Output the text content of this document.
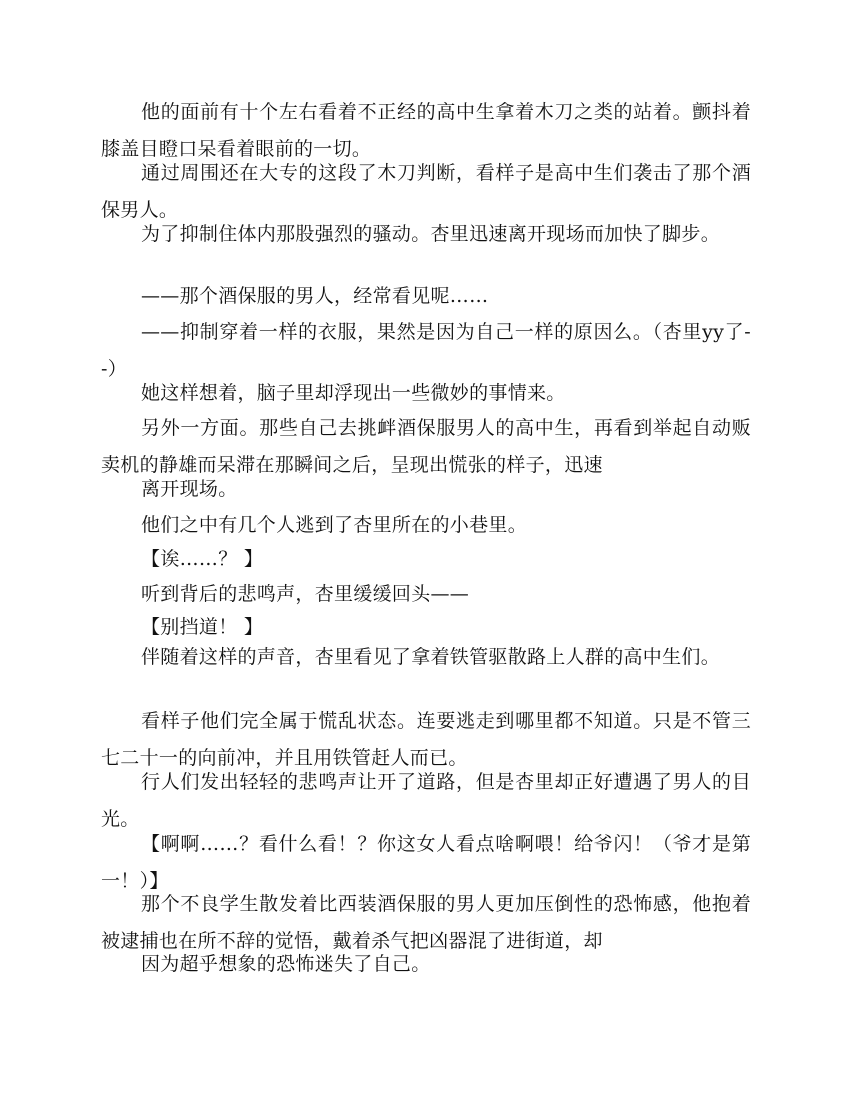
他的面前有十个左右看着不正经的高中生拿着木刀之类的站着。颤抖着膝盖目瞪口呆看着眼前的一切。

通过周围还在大专的这段了木刀判断，看样子是高中生们袭击了那个酒保男人。

为了抑制住体内那股强烈的骚动。杏里迅速离开现场而加快了脚步。

——那个酒保服的男人，经常看见呢……

——抑制穿着一样的衣服，果然是因为自己一样的原因么。（杏里yy了--）

她这样想着，脑子里却浮现出一些微妙的事情来。

另外一方面。那些自己去挑衅酒保服男人的高中生，再看到举起自动贩卖机的静雄而呆滞在那瞬间之后，呈现出慌张的样子，迅速

离开现场。

他们之中有几个人逃到了杏里所在的小巷里。

【诶……？ 】

听到背后的悲鸣声，杏里缓缓回头——

【别挡道！ 】

伴随着这样的声音，杏里看见了拿着铁管驱散路上人群的高中生们。

看样子他们完全属于慌乱状态。连要逃走到哪里都不知道。只是不管三七二十一的向前冲，并且用铁管赶人而已。

行人们发出轻轻的悲鸣声让开了道路，但是杏里却正好遭遇了男人的目光。

【啊啊……？看什么看！？你这女人看点啥啊喂！给爷闪！（爷才是第一！）】

那个不良学生散发着比西装酒保服的男人更加压倒性的恐怖感，他抱着被逮捕也在所不辞的觉悟，戴着杀气把凶器混了进街道，却

因为超乎想象的恐怖迷失了自己。
